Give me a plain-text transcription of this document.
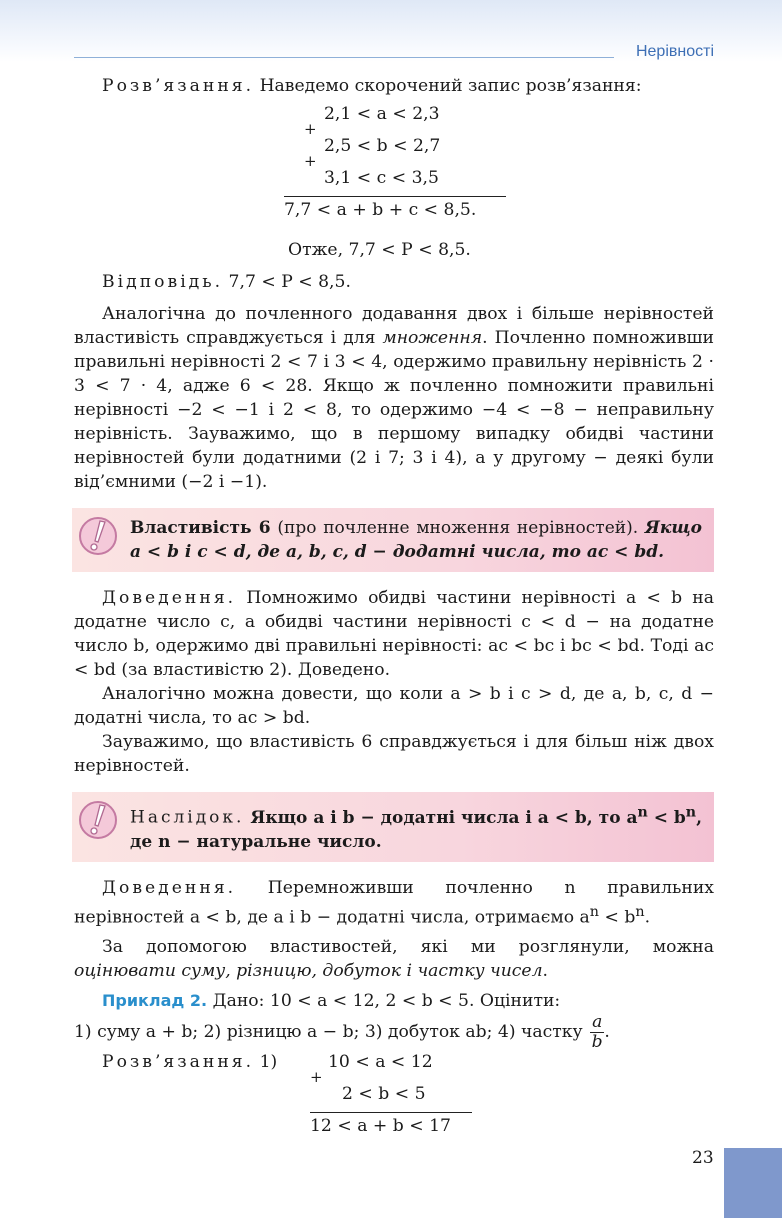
Нерівності

Розв’язання. Наведемо скорочений запис розв’язання:

2,1 < a < 2,3
+
2,5 < b < 2,7
+
3,1 < c < 3,5
7,7 < a + b + c < 8,5.

Отже, 7,7 < P < 8,5.

Відповідь. 7,7 < P < 8,5.

Аналогічна до почленного додавання двох і більше нерівностей властивість справджується і для множення. Почленно помноживши правильні нерівності 2 < 7 і 3 < 4, одержимо правильну нерівність 2 · 3 < 7 · 4, адже 6 < 28. Якщо ж почленно помножити правильні нерівності −2 < −1 і 2 < 8, то одержимо −4 < −8 − неправильну нерівність. Зауважимо, що в першому випадку обидві частини нерівностей були додатними (2 і 7; 3 і 4), а у другому − деякі були від’ємними (−2 і −1).

Властивість 6 (про почленне множення нерівностей). Якщо a < b і c < d, де a, b, c, d − додатні числа, то ac < bd.

Доведення. Помножимо обидві частини нерівності a < b на додатне число c, а обидві частини нерівності c < d − на додатне число b, одержимо дві правильні нерівності: ac < bc і bc < bd. Тоді ac < bd (за властивістю 2). Доведено.

Аналогічно можна довести, що коли a > b і c > d, де a, b, c, d − додатні числа, то ac > bd.

Зауважимо, що властивість 6 справджується і для більш ніж двох нерівностей.

Наслідок. Якщо a і b − додатні числа і a < b, то $a^n < b^n$, де n − натуральне число.

Доведення. Перемноживши почленно n правильних нерівностей a < b, де a і b − додатні числа, отримаємо $a^n < b^n$.

За допомогою властивостей, які ми розглянули, можна оцінювати суму, різницю, добуток і частку чисел.

Приклад 2. Дано: 10 < a < 12, 2 < b < 5. Оцінити:

1) суму a + b; 2) різницю a − b; 3) добуток ab; 4) частку $\frac{a}{b}$ .

Розв’язання. 1)	10 < a < 12
+
2 < b < 5
12 < a + b < 17
23
